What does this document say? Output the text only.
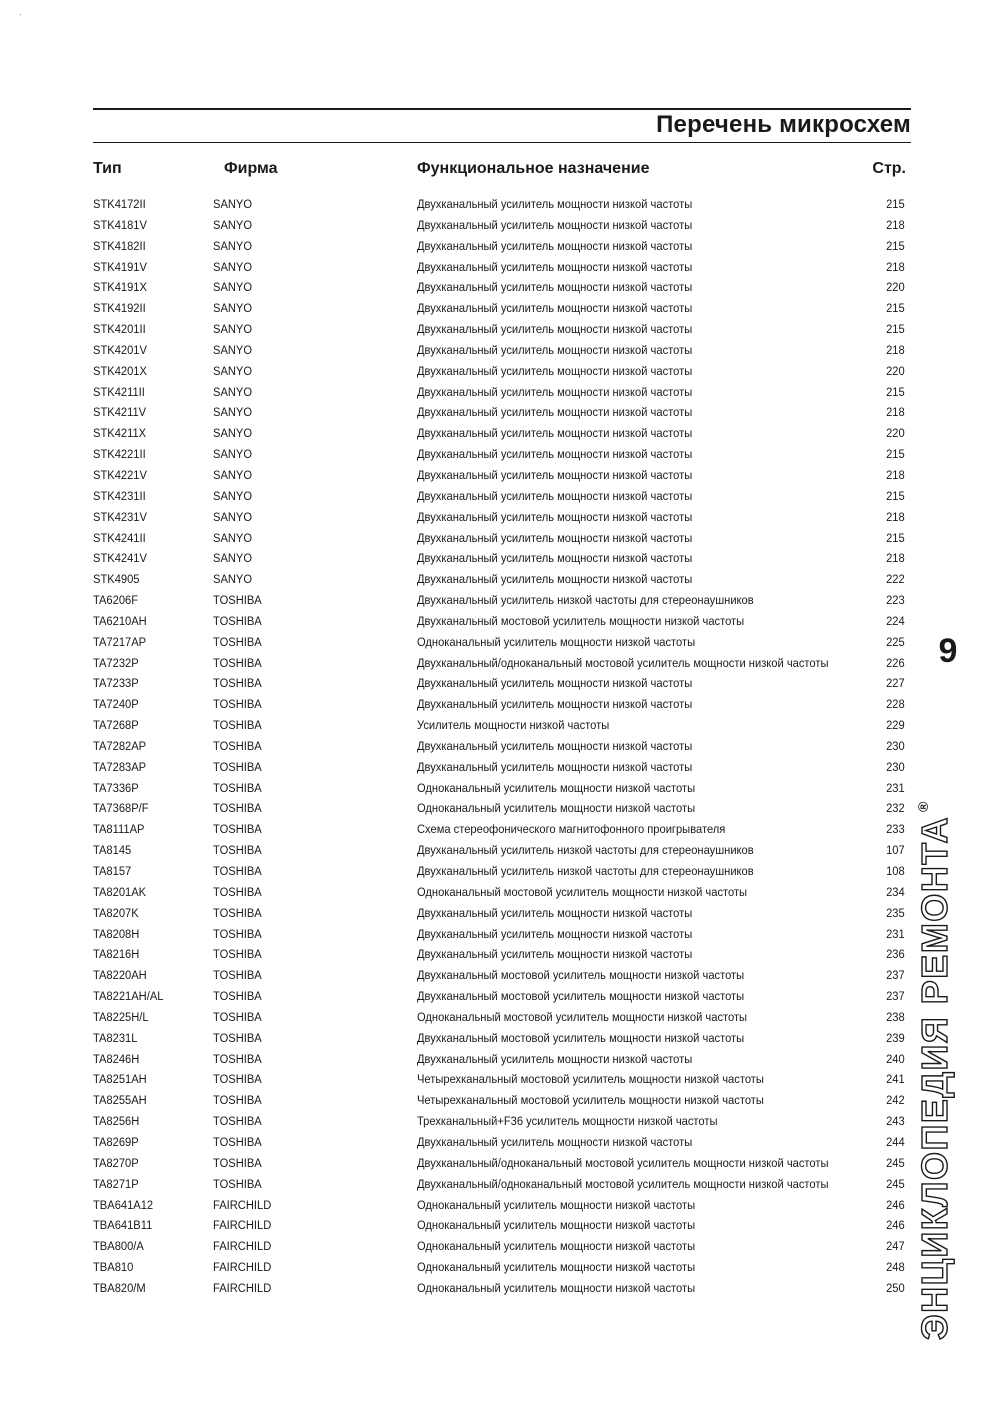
Перечень микросхем
Тип	Фирма	Функциональное назначение	Стр.
STK4172II	SANYO	Двухканальный усилитель мощности низкой частоты	215
STK4181V	SANYO	Двухканальный усилитель мощности низкой частоты	218
STK4182II	SANYO	Двухканальный усилитель мощности низкой частоты	215
STK4191V	SANYO	Двухканальный усилитель мощности низкой частоты	218
STK4191X	SANYO	Двухканальный усилитель мощности низкой частоты	220
STK4192II	SANYO	Двухканальный усилитель мощности низкой частоты	215
STK4201II	SANYO	Двухканальный усилитель мощности низкой частоты	215
STK4201V	SANYO	Двухканальный усилитель мощности низкой частоты	218
STK4201X	SANYO	Двухканальный усилитель мощности низкой частоты	220
STK4211II	SANYO	Двухканальный усилитель мощности низкой частоты	215
STK4211V	SANYO	Двухканальный усилитель мощности низкой частоты	218
STK4211X	SANYO	Двухканальный усилитель мощности низкой частоты	220
STK4221II	SANYO	Двухканальный усилитель мощности низкой частоты	215
STK4221V	SANYO	Двухканальный усилитель мощности низкой частоты	218
STK4231II	SANYO	Двухканальный усилитель мощности низкой частоты	215
STK4231V	SANYO	Двухканальный усилитель мощности низкой частоты	218
STK4241II	SANYO	Двухканальный усилитель мощности низкой частоты	215
STK4241V	SANYO	Двухканальный усилитель мощности низкой частоты	218
STK4905	SANYO	Двухканальный усилитель мощности низкой частоты	222
TA6206F	TOSHIBA	Двухканальный усилитель низкой частоты для стереонаушников	223
TA6210AH	TOSHIBA	Двухканальный мостовой усилитель мощности низкой частоты	224
TA7217AP	TOSHIBA	Одноканальный усилитель мощности низкой частоты	225
TA7232P	TOSHIBA	Двухканальный/одноканальный мостовой усилитель мощности низкой частоты	226
TA7233P	TOSHIBA	Двухканальный усилитель мощности низкой частоты	227
TA7240P	TOSHIBA	Двухканальный усилитель мощности низкой частоты	228
TA7268P	TOSHIBA	Усилитель мощности низкой частоты	229
TA7282AP	TOSHIBA	Двухканальный усилитель мощности низкой частоты	230
TA7283AP	TOSHIBA	Двухканальный усилитель мощности низкой частоты	230
TA7336P	TOSHIBA	Одноканальный усилитель мощности низкой частоты	231
TA7368P/F	TOSHIBA	Одноканальный усилитель мощности низкой частоты	232
TA8111AP	TOSHIBA	Схема стереофонического магнитофонного проигрывателя	233
TA8145	TOSHIBA	Двухканальный усилитель низкой частоты для стереонаушников	107
TA8157	TOSHIBA	Двухканальный усилитель низкой частоты для стереонаушников	108
TA8201AK	TOSHIBA	Одноканальный мостовой усилитель мощности низкой частоты	234
TA8207K	TOSHIBA	Двухканальный усилитель мощности низкой частоты	235
TA8208H	TOSHIBA	Двухканальный усилитель мощности низкой частоты	231
TA8216H	TOSHIBA	Двухканальный усилитель мощности низкой частоты	236
TA8220AH	TOSHIBA	Двухканальный мостовой усилитель мощности низкой частоты	237
TA8221AH/AL	TOSHIBA	Двухканальный мостовой усилитель мощности низкой частоты	237
TA8225H/L	TOSHIBA	Одноканальный мостовой усилитель мощности низкой частоты	238
TA8231L	TOSHIBA	Двухканальный мостовой усилитель мощности низкой частоты	239
TA8246H	TOSHIBA	Двухканальный усилитель мощности низкой частоты	240
TA8251AH	TOSHIBA	Четырехканальный мостовой усилитель мощности низкой частоты	241
TA8255AH	TOSHIBA	Четырехканальный мостовой усилитель мощности низкой частоты	242
TA8256H	TOSHIBA	Трехканальный+F36 усилитель мощности низкой частоты	243
TA8269P	TOSHIBA	Двухканальный усилитель мощности низкой частоты	244
TA8270P	TOSHIBA	Двухканальный/одноканальный мостовой усилитель мощности низкой частоты	245
TA8271P	TOSHIBA	Двухканальный/одноканальный мостовой усилитель мощности низкой частоты	245
TBA641A12	FAIRCHILD	Одноканальный усилитель мощности низкой частоты	246
TBA641B11	FAIRCHILD	Одноканальный усилитель мощности низкой частоты	246
TBA800/A	FAIRCHILD	Одноканальный усилитель мощности низкой частоты	247
TBA810	FAIRCHILD	Одноканальный усилитель мощности низкой частоты	248
TBA820/M	FAIRCHILD	Одноканальный усилитель мощности низкой частоты	250
9
ЭНЦИКЛОПЕДИЯ РЕМОНТА®
